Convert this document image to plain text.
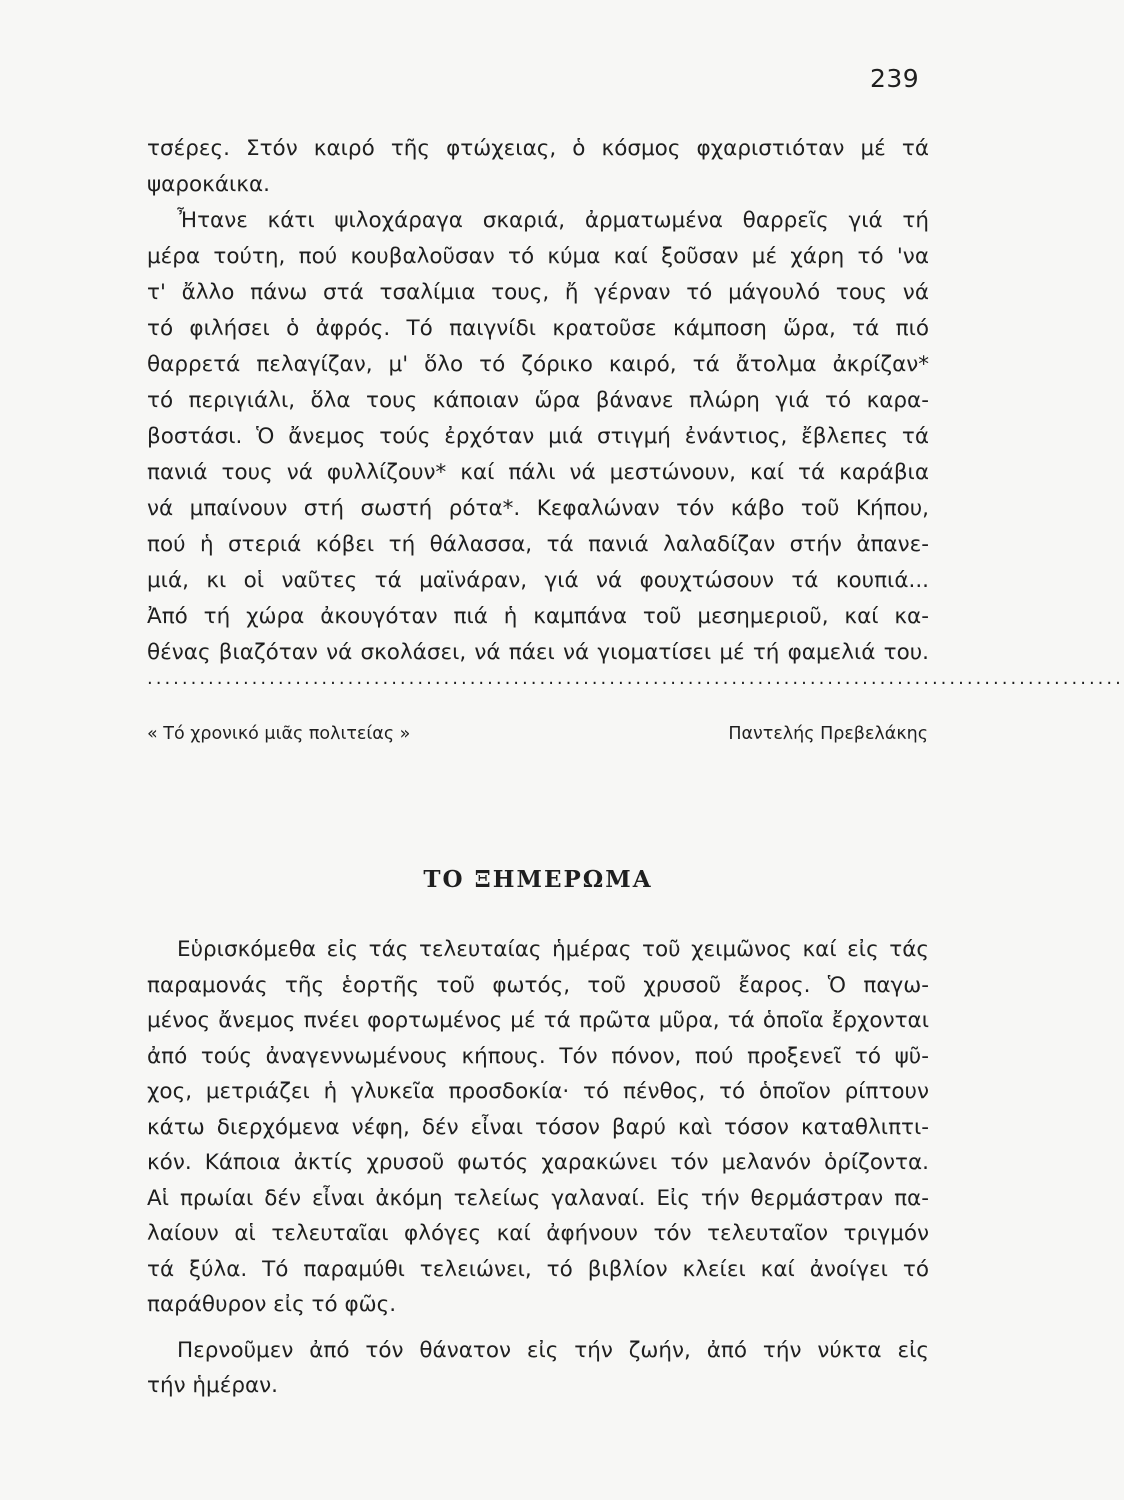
239
τσέρες. Στόν καιρό τῆς φτώχειας, ὁ κόσμος φχαριστιόταν μέ τά
ψαροκάικα.
Ἦτανε κάτι ψιλοχάραγα σκαριά, ἀρματωμένα θαρρεῖς γιά τή
μέρα τούτη, πού κουβαλοῦσαν τό κύμα καί ξοῦσαν μέ χάρη τό 'να
τ' ἄλλο πάνω στά τσαλίμια τους, ἤ γέρναν τό μάγουλό τους νά
τό φιλήσει ὁ ἀφρός. Τό παιγνίδι κρατοῦσε κάμποση ὥρα, τά πιό
θαρρετά πελαγίζαν, μ' ὅλο τό ζόρικο καιρό, τά ἄτολμα ἀκρίζαν*
τό περιγιάλι, ὅλα τους κάποιαν ὥρα βάνανε πλώρη γιά τό καρα-
βοστάσι. Ὁ ἄνεμος τούς ἐρχόταν μιά στιγμή ἐνάντιος, ἔβλεπες τά
πανιά τους νά φυλλίζουν* καί πάλι νά μεστώνουν, καί τά καράβια
νά μπαίνουν στή σωστή ρότα*. Κεφαλώναν τόν κάβο τοῦ Κήπου,
πού ἡ στεριά κόβει τή θάλασσα, τά πανιά λαλαδίζαν στήν ἀπανε-
μιά, κι οἱ ναῦτες τά μαϊνάραν, γιά νά φουχτώσουν τά κουπιά...
Ἀπό τή χώρα ἀκουγόταν πιά ἡ καμπάνα τοῦ μεσημεριοῦ, καί κα-
θένας βιαζόταν νά σκολάσει, νά πάει νά γιοματίσει μέ τή φαμελιά του.
................................................................................................................
« Τό χρονικό μιᾶς πολιτείας »	Παντελής Πρεβελάκης
ΤΟ ΞΗΜΕΡΩΜΑ
Εὑρισκόμεθα εἰς τάς τελευταίας ἡμέρας τοῦ χειμῶνος καί εἰς τάς
παραμονάς τῆς ἑορτῆς τοῦ φωτός, τοῦ χρυσοῦ ἔαρος. Ὁ παγω-
μένος ἄνεμος πνέει φορτωμένος μέ τά πρῶτα μῦρα, τά ὁποῖα ἔρχονται
ἀπό τούς ἀναγεννωμένους κήπους. Τόν πόνον, πού προξενεῖ τό ψῦ-
χος, μετριάζει ἡ γλυκεῖα προσδοκία· τό πένθος, τό ὁποῖον ρίπτουν
κάτω διερχόμενα νέφη, δέν εἶναι τόσον βαρύ καὶ τόσον καταθλιπτι-
κόν. Κάποια ἀκτίς χρυσοῦ φωτός χαρακώνει τόν μελανόν ὁρίζοντα.
Αἱ πρωίαι δέν εἶναι ἀκόμη τελείως γαλαναί. Εἰς τήν θερμάστραν πα-
λαίουν αἱ τελευταῖαι φλόγες καί ἀφήνουν τόν τελευταῖον τριγμόν
τά ξύλα. Τό παραμύθι τελειώνει, τό βιβλίον κλείει καί ἀνοίγει τό
παράθυρον εἰς τό φῶς.
Περνοῦμεν ἀπό τόν θάνατον εἰς τήν ζωήν, ἀπό τήν νύκτα εἰς
τήν ἡμέραν.
